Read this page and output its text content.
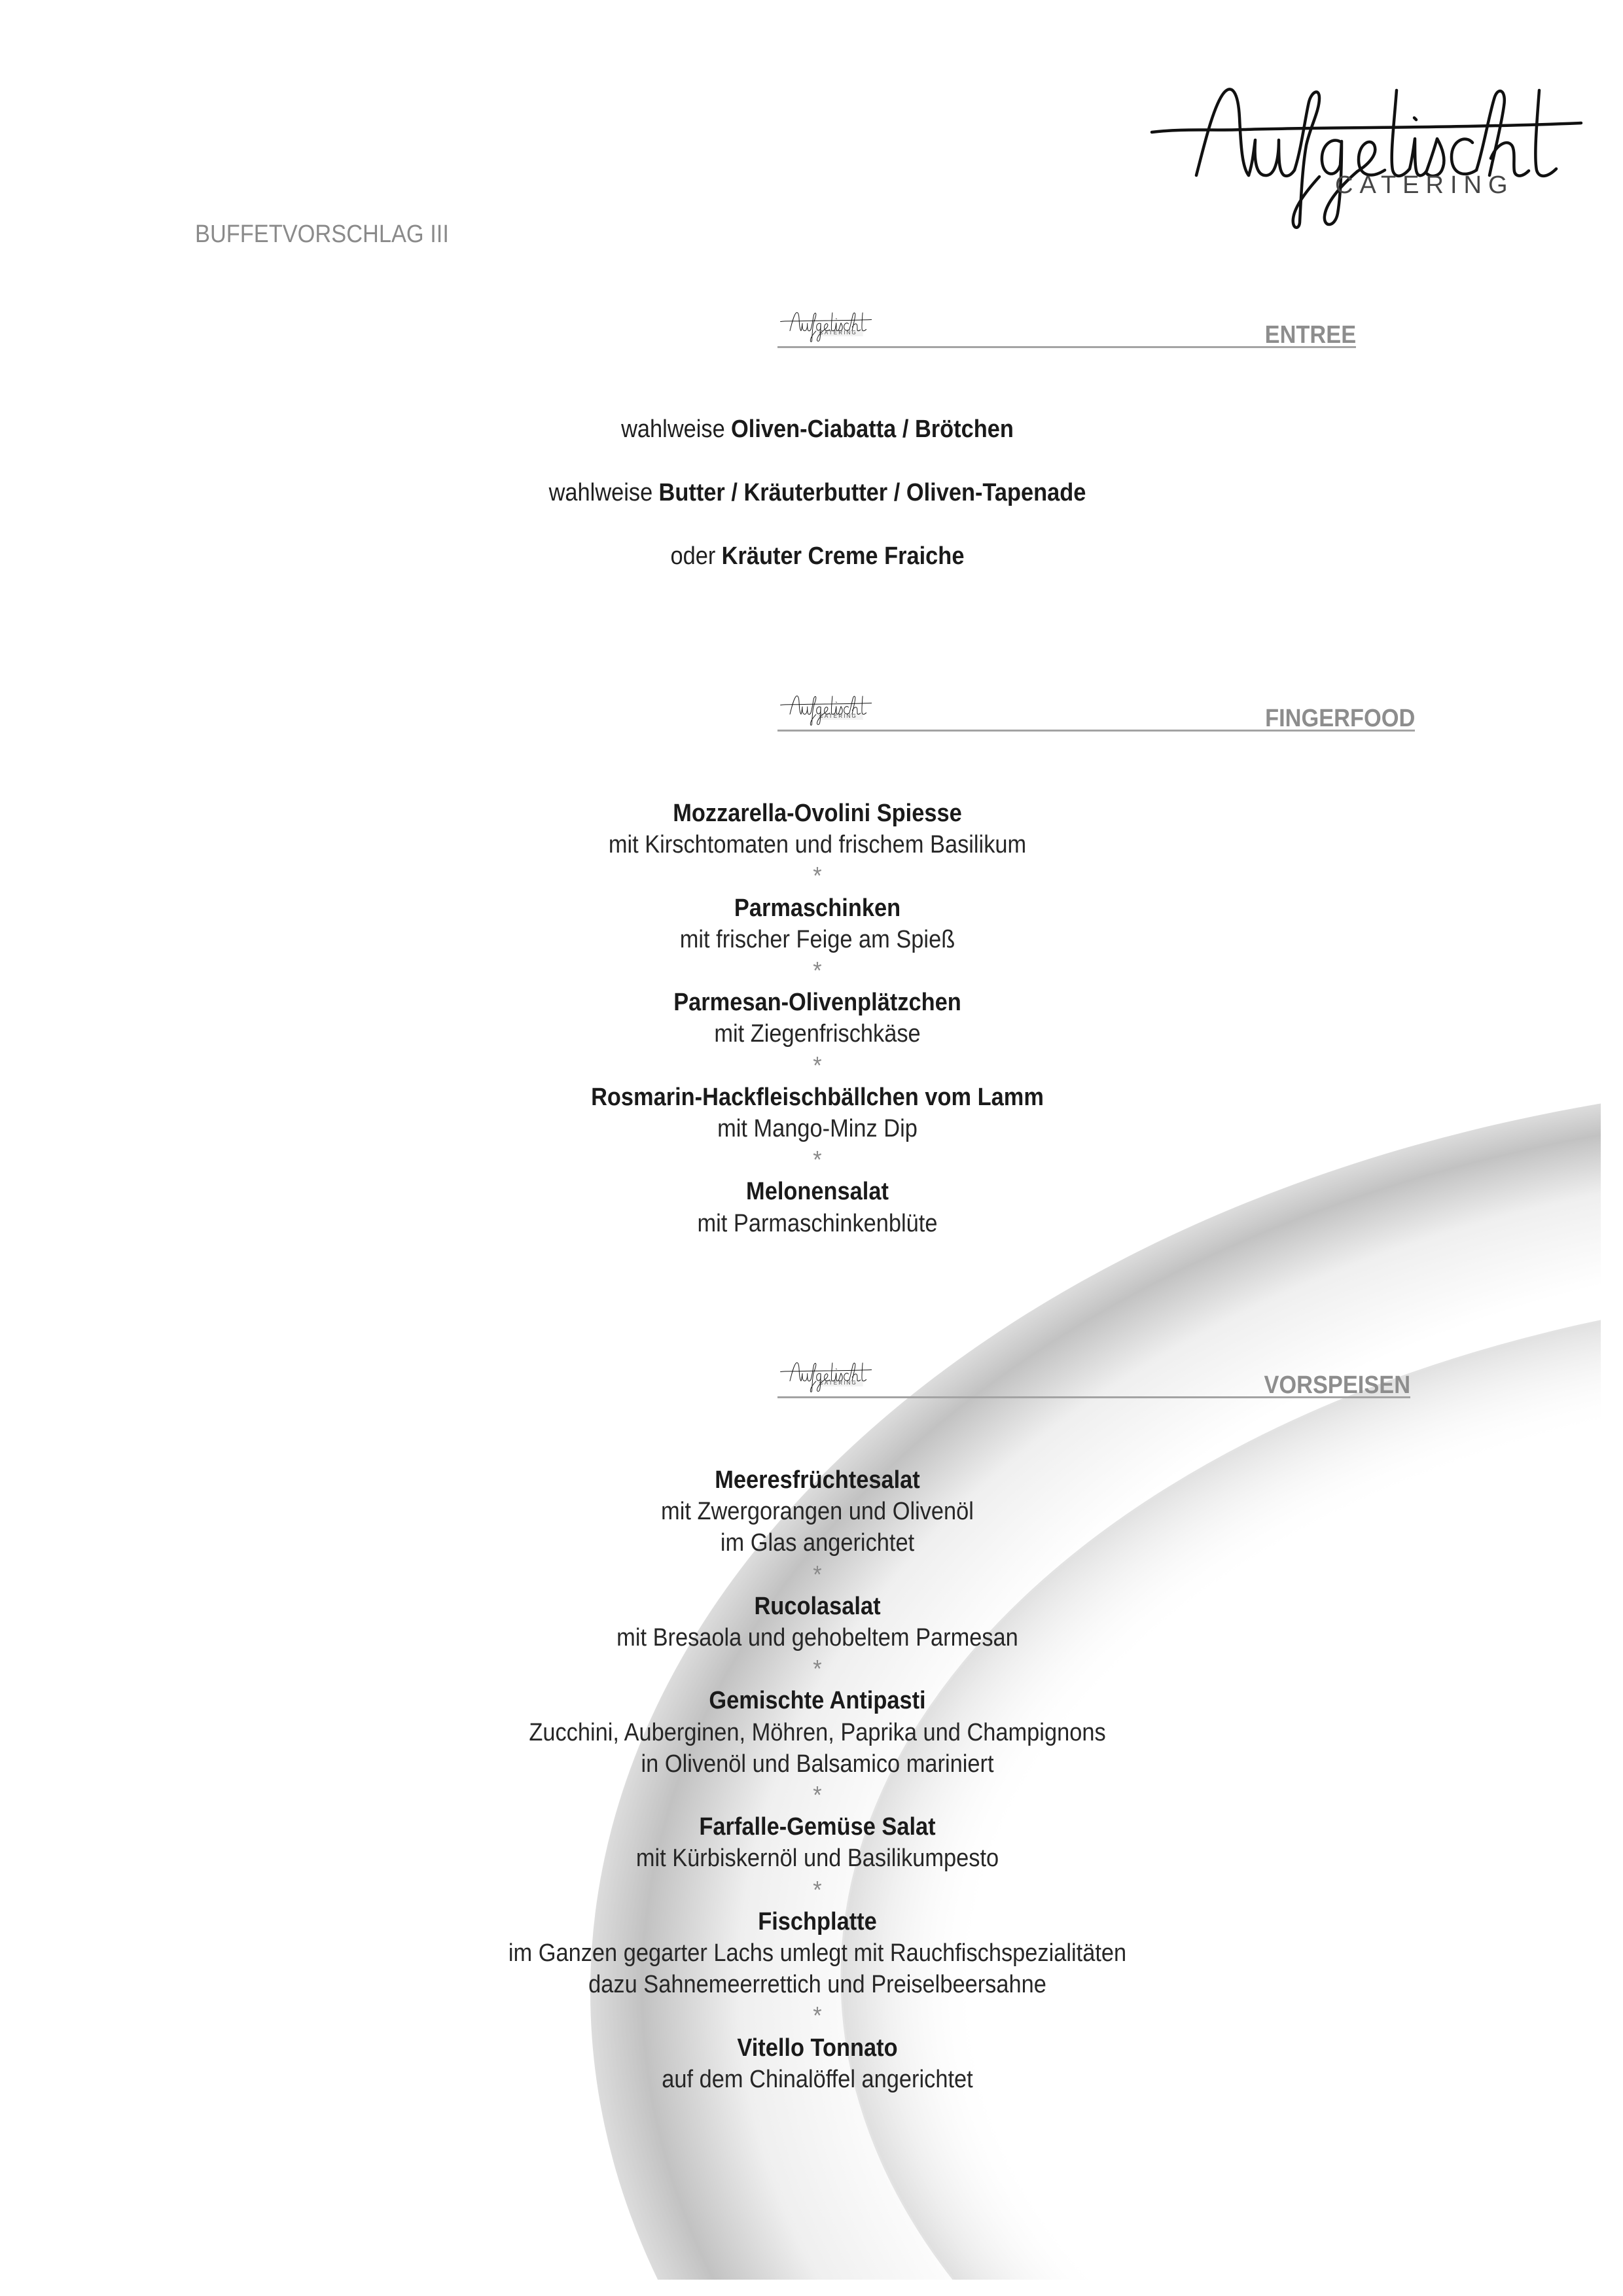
BUFFETVORSCHLAG III
CATERING
CATERING	ENTREE
wahlweise Oliven-Ciabatta / Brötchen
wahlweise Butter / Kräuterbutter / Oliven-Tapenade
oder Kräuter Creme Fraiche
CATERING	FINGERFOOD
Mozzarella-Ovolini Spiesse
mit Kirschtomaten und frischem Basilikum
*
Parmaschinken
mit frischer Feige am Spieß
*
Parmesan-Olivenplätzchen
mit Ziegenfrischkäse
*
Rosmarin-Hackfleischbällchen vom Lamm
mit Mango-Minz Dip
*
Melonensalat
mit Parmaschinkenblüte
CATERING	VORSPEISEN
Meeresfrüchtesalat
mit Zwergorangen und Olivenöl
im Glas angerichtet
*
Rucolasalat
mit Bresaola und gehobeltem Parmesan
*
Gemischte Antipasti
Zucchini, Auberginen, Möhren, Paprika und Champignons
in Olivenöl und Balsamico mariniert
*
Farfalle-Gemüse Salat
mit Kürbiskernöl und Basilikumpesto
*
Fischplatte
im Ganzen gegarter Lachs umlegt mit Rauchfischspezialitäten
dazu Sahnemeerrettich und Preiselbeersahne
*
Vitello Tonnato
auf dem Chinalöffel angerichtet
